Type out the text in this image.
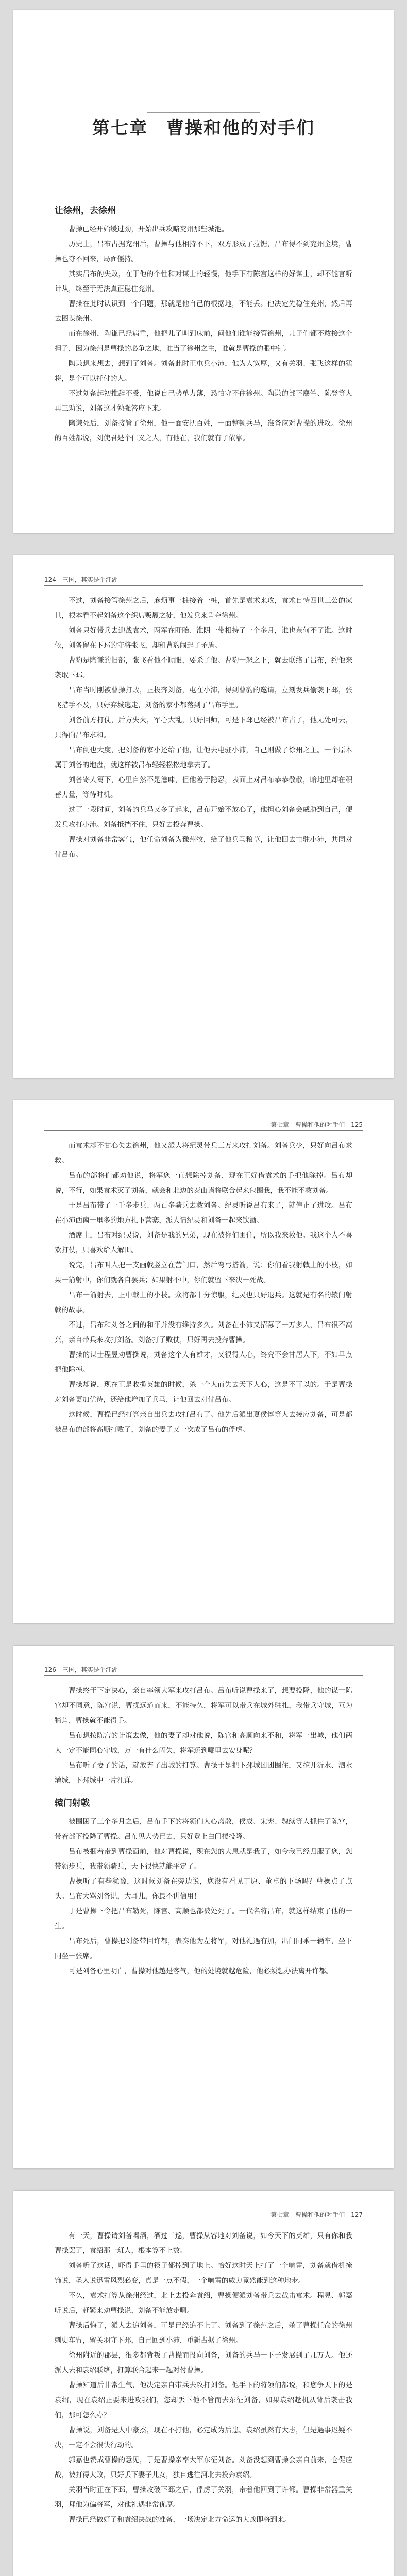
第七章　曹操和他的对手们
让徐州，去徐州

曹操已经开始缓过劲，开始出兵攻略兖州那些城池。

历史上，吕布占据兖州后，曹操与他相持不下，双方形成了拉锯，吕布得不到兖州全境，曹操也夺不回来，局面僵持。

其实吕布的失败，在于他的个性和对谋士的轻慢，他手下有陈宫这样的好谋士，却不能言听计从，终至于无法真正稳住兖州。

曹操在此时认识到一个问题，那就是他自己的根据地，不能丢。他决定先稳住兖州，然后再去图谋徐州。

而在徐州，陶谦已经病重，他把儿子叫到床前，问他们谁能接管徐州，儿子们都不敢接这个担子，因为徐州是曹操的必争之地，谁当了徐州之主，谁就是曹操的眼中钉。

陶谦想来想去，想到了刘备。刘备此时正屯兵小沛，他为人宽厚，又有关羽、张飞这样的猛将，是个可以托付的人。

不过刘备起初推辞不受，他说自己势单力薄，恐怕守不住徐州。陶谦的部下麋竺、陈登等人再三劝说，刘备这才勉强答应下来。

陶谦死后，刘备接管了徐州，他一面安抚百姓，一面整顿兵马，准备应对曹操的进攻。徐州的百姓都说，刘使君是个仁义之人，有他在，我们就有了依靠。

124　三国，其实是个江湖

不过，刘备接管徐州之后，麻烦事一桩接着一桩，首先是袁术来攻，袁术自恃四世三公的家世，根本看不起刘备这个织席贩履之徒，他发兵来争夺徐州。

刘备只好带兵去迎战袁术，两军在盱眙、淮阴一带相持了一个多月，谁也奈何不了谁。这时候，刘备留在下邳的守将张飞，却和曹豹闹起了矛盾。

曹豹是陶谦的旧部，张飞看他不顺眼，要杀了他。曹豹一怒之下，就去联络了吕布，约他来袭取下邳。

吕布当时刚被曹操打败，正投奔刘备，屯在小沛，得到曹豹的邀请，立刻发兵偷袭下邳，张飞措手不及，只好弃城逃走，刘备的家小都落到了吕布手里。

刘备前方打仗，后方失火，军心大乱，只好回师，可是下邳已经被吕布占了，他无处可去，只得向吕布求和。

吕布倒也大度，把刘备的家小还给了他，让他去屯驻小沛，自己则做了徐州之主。一个原本属于刘备的地盘，就这样被吕布轻轻松松地拿去了。

刘备寄人篱下，心里自然不是滋味，但他善于隐忍，表面上对吕布恭恭敬敬，暗地里却在积蓄力量，等待时机。

过了一段时间，刘备的兵马又多了起来，吕布开始不放心了，他担心刘备会威胁到自己，便发兵攻打小沛。刘备抵挡不住，只好去投奔曹操。

曹操对刘备非常客气，他任命刘备为豫州牧，给了他兵马粮草，让他回去屯驻小沛，共同对付吕布。

第七章　曹操和他的对手们　125

而袁术却不甘心失去徐州，他又派大将纪灵带兵三万来攻打刘备。刘备兵少，只好向吕布求救。

吕布的部将们都劝他说，将军您一直想除掉刘备，现在正好借袁术的手把他除掉。吕布却说，不行，如果袁术灭了刘备，就会和北边的泰山诸将联合起来包围我，我不能不救刘备。

于是吕布带了一千多步兵、两百多骑兵去救刘备。纪灵听说吕布来了，就停止了进攻。吕布在小沛西南一里多的地方扎下营寨，派人请纪灵和刘备一起来饮酒。

酒席上，吕布对纪灵说，刘备是我的兄弟，现在被你们困住，所以我来救他。我这个人不喜欢打仗，只喜欢给人解围。

说完，吕布叫人把一支画戟竖立在营门口，然后弯弓搭箭，说：你们看我射戟上的小枝，如果一箭射中，你们就各自罢兵；如果射不中，你们就留下来决一死战。

吕布一箭射去，正中戟上的小枝。众将都十分惊服，纪灵也只好退兵。这就是有名的辕门射戟的故事。

不过，吕布和刘备之间的和平并没有维持多久。刘备在小沛又招募了一万多人，吕布很不高兴，亲自带兵来攻打刘备。刘备打了败仗，只好再去投奔曹操。

曹操的谋士程昱劝曹操说，刘备这个人有雄才，又很得人心，终究不会甘居人下，不如早点把他除掉。

曹操却说，现在正是收揽英雄的时候，杀一个人而失去天下人心，这是不可以的。于是曹操对刘备更加优待，还给他增加了兵马，让他回去对付吕布。

这时候，曹操已经打算亲自出兵去攻打吕布了。他先后派出夏侯惇等人去接应刘备，可是都被吕布的部将高顺打败了，刘备的妻子又一次成了吕布的俘虏。

126　三国，其实是个江湖

曹操终于下定决心，亲自率领大军来攻打吕布。吕布听说曹操来了，想要投降，他的谋士陈宫却不同意，陈宫说，曹操远道而来，不能持久，将军可以带兵在城外驻扎，我带兵守城，互为犄角，曹操就不能得手。

吕布想按陈宫的计策去做，他的妻子却对他说，陈宫和高顺向来不和，将军一出城，他们两人一定不能同心守城，万一有什么闪失，将军还到哪里去安身呢？

吕布听了妻子的话，就放弃了出城的打算。曹操于是把下邳城团团围住，又挖开沂水、泗水灌城，下邳城中一片汪洋。

辕门射戟

被围困了三个多月之后，吕布手下的将领们人心离散，侯成、宋宪、魏续等人抓住了陈宫，带着部下投降了曹操。吕布见大势已去，只好登上白门楼投降。

吕布被捆着带到曹操面前，他对曹操说，现在您的大患就是我了，如今我已经归服了您，您带领步兵，我带领骑兵，天下很快就能平定了。

曹操听了有些犹豫，这时候刘备在旁边说，您没有看见丁原、董卓的下场吗？曹操点了点头。吕布大骂刘备说，大耳儿，你最不讲信用！

于是曹操下令把吕布勒死，陈宫、高顺也都被处死了。一代名将吕布，就这样结束了他的一生。

吕布死后，曹操把刘备带回许都，表奏他为左将军，对他礼遇有加，出门同乘一辆车，坐下同坐一张席。

可是刘备心里明白，曹操对他越是客气，他的处境就越危险，他必须想办法离开许都。

第七章　曹操和他的对手们　127

有一天，曹操请刘备喝酒，酒过三巡，曹操从容地对刘备说，如今天下的英雄，只有你和我曹操罢了，袁绍那一班人，根本算不上数。

刘备听了这话，吓得手里的筷子都掉到了地上。恰好这时天上打了一个响雷，刘备就借机掩饰说，圣人说迅雷风烈必变，真是一点不假，一个响雷的威力竟然能到这种地步。

不久，袁术打算从徐州经过，北上去投奔袁绍，曹操便派刘备带兵去截击袁术。程昱、郭嘉听说后，赶紧来劝曹操说，刘备不能放走啊。

曹操后悔了，派人去追刘备，可是已经追不上了。刘备到了徐州之后，杀了曹操任命的徐州刺史车胄，留关羽守下邳，自己回到小沛，重新占据了徐州。

徐州附近的郡县，很多都背叛了曹操而投向刘备，刘备的兵马一下子发展到了几万人。他还派人去和袁绍联络，打算联合起来一起对付曹操。

曹操知道后非常生气，他决定亲自带兵去攻打刘备。他手下的将领们都说，和您争天下的是袁绍，现在袁绍正要来进攻我们，您却丢下他不管而去东征刘备，如果袁绍趁机从背后袭击我们，那可怎么办？

曹操说，刘备是人中豪杰，现在不打他，必定成为后患。袁绍虽然有大志，但是遇事迟疑不决，一定不会很快行动的。

郭嘉也赞成曹操的意见，于是曹操亲率大军东征刘备。刘备没想到曹操会亲自前来，仓促应战，被打得大败，只好丢下妻子儿女，独自逃往河北去投奔袁绍。

关羽当时正在下邳，曹操攻破下邳之后，俘虏了关羽，带着他回到了许都。曹操非常器重关羽，拜他为偏将军，对他礼遇非常优厚。

曹操已经做好了和袁绍决战的准备，一场决定北方命运的大战即将到来。
